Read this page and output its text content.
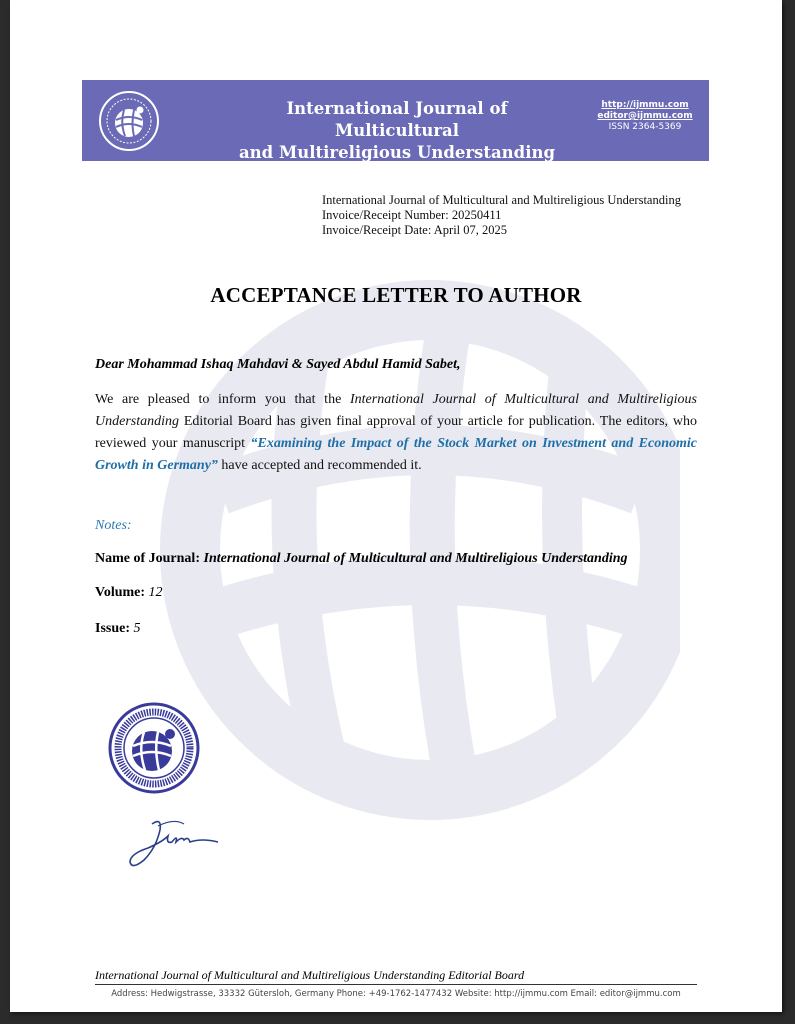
International Journal of Multicultural
and Multireligious Understanding
http://ijmmu.com
editor@ijmmu.com
ISSN 2364-5369
International Journal of Multicultural and Multireligious Understanding
Invoice/Receipt Number: 20250411
Invoice/Receipt Date: April 07, 2025
ACCEPTANCE LETTER TO AUTHOR
Dear Mohammad Ishaq Mahdavi & Sayed Abdul Hamid Sabet,
We are pleased to inform you that the International Journal of Multicultural and Multireligious Understanding Editorial Board has given final approval of your article for publication. The editors, who reviewed your manuscript “Examining the Impact of the Stock Market on Investment and Economic Growth in Germany” have accepted and recommended it.
Notes:
Name of Journal: International Journal of Multicultural and Multireligious Understanding
Volume: 12
Issue: 5
International Journal of Multicultural and Multireligious Understanding Editorial Board
Address: Hedwigstrasse, 33332 Gütersloh, Germany Phone: +49-1762-1477432 Website: http://ijmmu.com Email: editor@ijmmu.com
